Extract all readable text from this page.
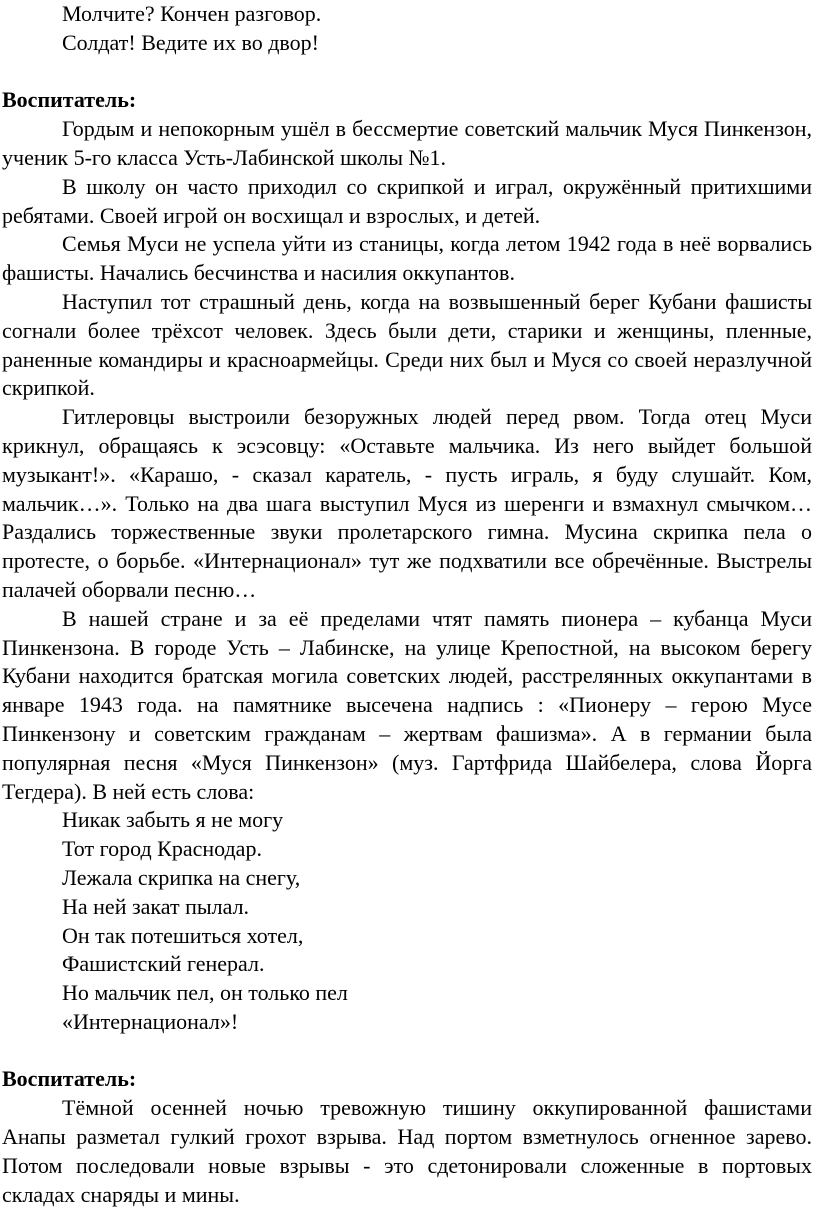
Молчите? Кончен разговор.

Солдат! Ведите их во двор!

Воспитатель:

Гордым и непокорным ушёл в бессмертие советский мальчик Муся Пинкензон, ученик 5-го класса Усть-Лабинской школы №1.

В школу он часто приходил со скрипкой и играл, окружённый притихшими ребятами. Своей игрой он восхищал и взрослых, и детей.

Семья Муси не успела уйти из станицы, когда летом 1942 года в неё ворвались фашисты. Начались бесчинства и насилия оккупантов.

Наступил тот страшный день, когда на возвышенный берег Кубани фашисты согнали более трёхсот человек. Здесь были дети, старики и женщины, пленные, раненные командиры и красноармейцы. Среди них был и Муся со своей неразлучной скрипкой.

Гитлеровцы выстроили безоружных людей перед рвом. Тогда отец Муси крикнул, обращаясь к эсэсовцу: «Оставьте мальчика. Из него выйдет большой музыкант!». «Карашо, - сказал каратель, - пусть играль, я буду слушайт. Ком, мальчик…». Только на два шага выступил Муся из шеренги и взмахнул смычком… Раздались торжественные звуки пролетарского гимна. Мусина скрипка пела о протесте, о борьбе. «Интернационал» тут же подхватили все обречённые. Выстрелы палачей оборвали песню…

В нашей стране и за её пределами чтят память пионера – кубанца Муси Пинкензона. В городе Усть – Лабинске, на улице Крепостной, на высоком берегу Кубани находится братская могила советских людей, расстрелянных оккупантами в январе 1943 года. на памятнике высечена надпись : «Пионеру – герою Мусе Пинкензону и советским гражданам – жертвам фашизма». А в германии была популярная песня «Муся Пинкензон» (муз. Гартфрида Шайбелера, слова Йорга Тегдера). В ней есть слова:

Никак забыть я не могу

Тот город Краснодар.

Лежала скрипка на снегу,

На ней закат пылал.

Он так потешиться хотел,

Фашистский генерал.

Но мальчик пел, он только пел

«Интернационал»!

Воспитатель:

Тёмной осенней ночью тревожную тишину оккупированной фашистами Анапы разметал гулкий грохот взрыва. Над портом взметнулось огненное зарево. Потом последовали новые взрывы - это сдетонировали сложенные в портовых складах снаряды и мины.
